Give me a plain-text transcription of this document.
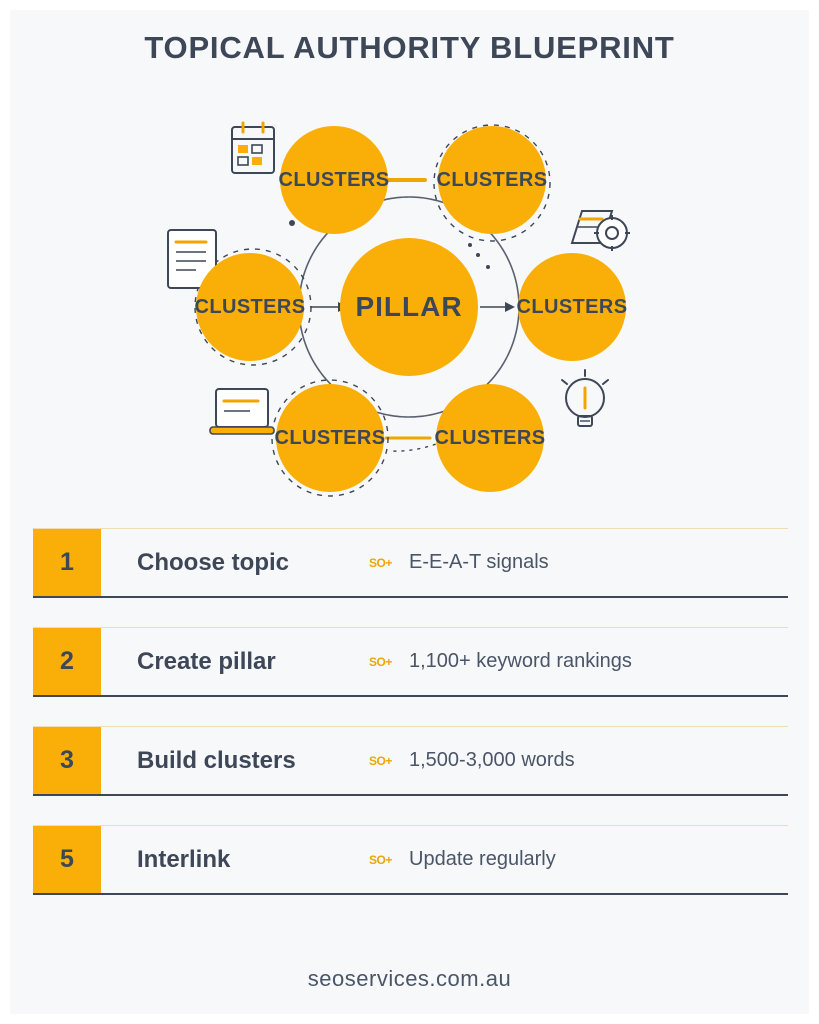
TOPICAL AUTHORITY BLUEPRINT
CLUSTERS CLUSTERS
CLUSTERS	CLUSTERS
CLUSTERS CLUSTERS
PILLAR
1	Choose topic	SO+ E-E-A-T signals
2	Create pillar	SO+ 1,100+ keyword rankings
3	Build clusters	SO+ 1,500-3,000 words
5	Interlink	SO+ Update regularly
seoservices.com.au
